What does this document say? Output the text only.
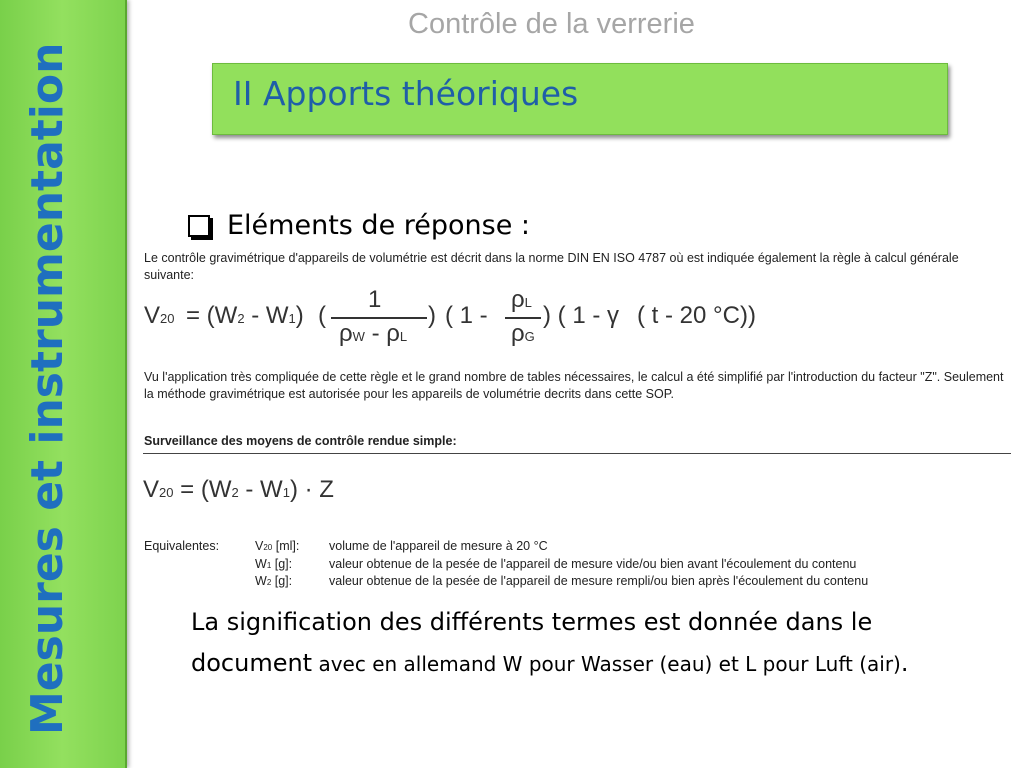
Mesures et instrumentation
Contrôle de la verrerie
II Apports théoriques
Eléments de réponse :
Le contrôle gravimétrique d'appareils de volumétrie est décrit dans la norme DIN EN ISO 4787 où est indiquée également la règle à calcul générale suivante:
V20 = (W2 - W1) (
1
ρW - ρL
) ( 1 -
ρL
ρG
) ( 1 - γ ( t - 20 °C))
Vu l'application très compliquée de cette règle et le grand nombre de tables nécessaires, le calcul a été simplifié par l'introduction du facteur "Z". Seulement la méthode gravimétrique est autorisée pour les appareils de volumétrie decrits dans cette SOP.
Surveillance des moyens de contrôle rendue simple:
V20 = (W2 - W1) · Z
Equivalentes:	V20 [ml]:	volume de l'appareil de mesure à 20 °C
W1 [g]:	valeur obtenue de la pesée de l'appareil de mesure vide/ou bien avant l'écoulement du contenu
W2 [g]:	valeur obtenue de la pesée de l'appareil de mesure rempli/ou bien après l'écoulement du contenu
La signification des différents termes est donnée dans le document avec en allemand W pour Wasser (eau) et L pour Luft (air).
